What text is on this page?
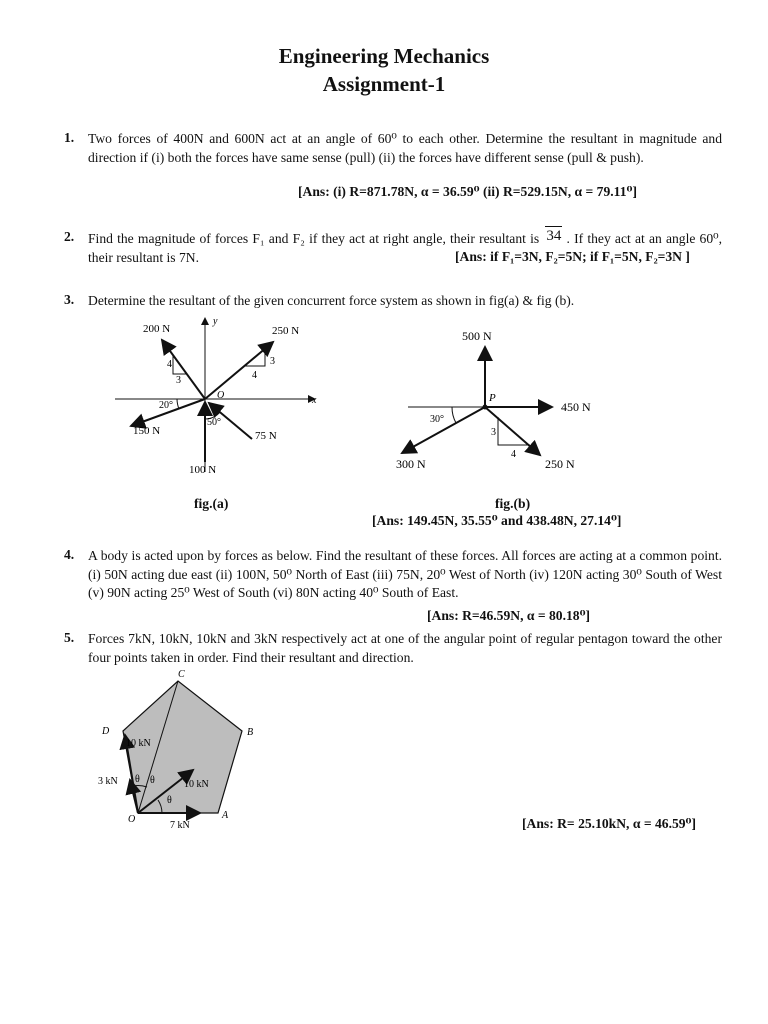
Engineering Mechanics
Assignment-1
1. Two forces of 400N and 600N act at an angle of 60⁰ to each other. Determine the resultant in magnitude and direction if (i) both the forces have same sense (pull) (ii) the forces have different sense (pull & push).
[Ans: (i) R=871.78N, α = 36.59⁰ (ii) R=529.15N, α = 79.11⁰]
2. Find the magnitude of forces F₁ and F₂ if they act at right angle, their resultant is 34 . If they act at an angle 60⁰, their resultant is 7N.	[Ans: if F₁=3N, F₂=5N; if F₁=5N, F₂=3N ]
3. Determine the resultant of the given concurrent force system as shown in fig(a) & fig (b).
200 N	250 N
150 N	75 N
100 N
y
x
O
4
3
3
4
20°
50°
500 N
450 N
300 N	250 N
P
30°
3
4
fig.(a)	fig.(b)
[Ans: 149.45N, 35.55⁰ and 438.48N, 27.14⁰]
4. A body is acted upon by forces as below. Find the resultant of these forces. All forces are acting at a common point. (i) 50N acting due east (ii) 100N, 50⁰ North of East (iii) 75N, 20⁰ West of North (iv) 120N acting 30⁰ South of West (v) 90N acting 25⁰ West of South (vi) 80N acting 40⁰ South of East.
[Ans: R=46.59N, α = 80.18⁰]
5. Forces 7kN, 10kN, 10kN and 3kN respectively act at one of the angular point of regular pentagon toward the other four points taken in order. Find their resultant and direction.
C
D	B
A
O
10 kN
10 kN
3 kN
7 kN
θ θ
θ
[Ans: R= 25.10kN, α = 46.59⁰]
